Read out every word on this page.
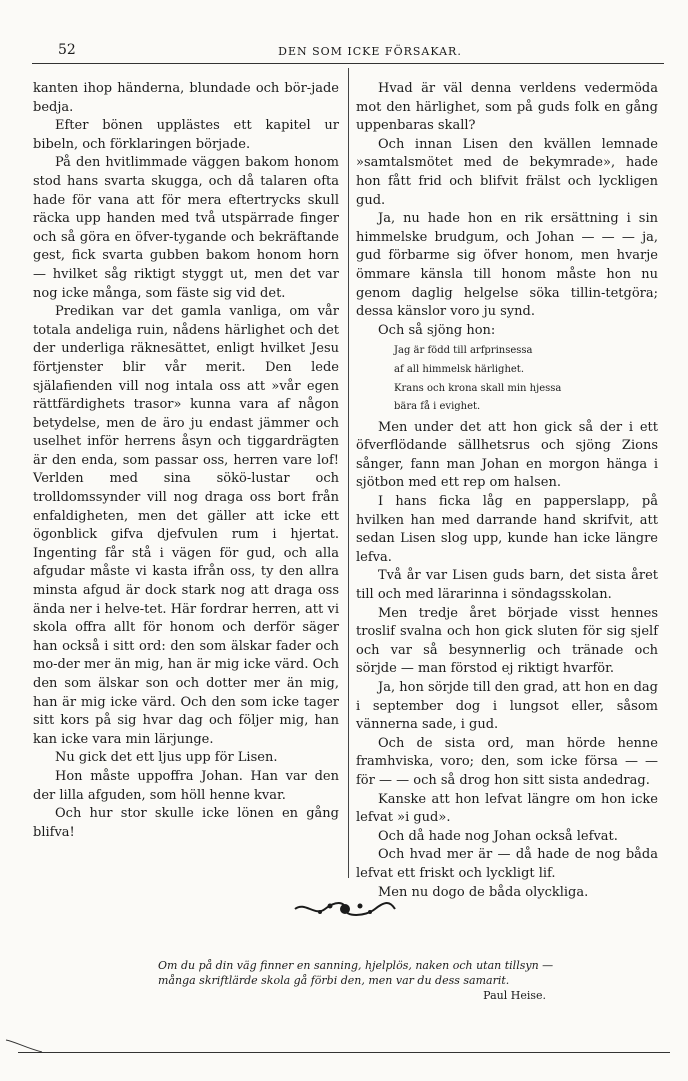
52	DEN SOM ICKE FÖRSAKAR.

kanten ihop händerna, blundade och bör-jade bedja.

Efter bönen upplästes ett kapitel ur bibeln, och förklaringen började.

På den hvitlimmade väggen bakom honom stod hans svarta skugga, och då talaren ofta hade för vana att för mera eftertrycks skull räcka upp handen med två utspärrade finger och så göra en öfver-tygande och bekräftande gest, fick svarta gubben bakom honom horn — hvilket såg riktigt styggt ut, men det var nog icke många, som fäste sig vid det.

Predikan var det gamla vanliga, om vår totala andeliga ruin, nådens härlighet och det der underliga räknesättet, enligt hvilket Jesu förtjenster blir vår merit. Den lede själafienden vill nog intala oss att »vår egen rättfärdighets trasor» kunna vara af någon betydelse, men de äro ju endast jämmer och uselhet inför herrens åsyn och tiggardrägten är den enda, som passar oss, herren vare lof! Verlden med sina sökö-lustar och trolldomssynder vill nog draga oss bort från enfaldigheten, men det gäller att icke ett ögonblick gifva djefvulen rum i hjertat. Ingenting får stå i vägen för gud, och alla afgudar måste vi kasta ifrån oss, ty den allra minsta afgud är dock stark nog att draga oss ända ner i helve-tet. Här fordrar herren, att vi skola offra allt för honom och derför säger han också i sitt ord: den som älskar fader och mo-der mer än mig, han är mig icke värd. Och den som älskar son och dotter mer än mig, han är mig icke värd. Och den som icke tager sitt kors på sig hvar dag och följer mig, han kan icke vara min lärjunge.

Nu gick det ett ljus upp för Lisen.

Hon måste uppoffra Johan. Han var den der lilla afguden, som höll henne kvar.

Och hur stor skulle icke lönen en gång blifva!

Hvad är väl denna verldens vedermöda mot den härlighet, som på guds folk en gång uppenbaras skall?

Och innan Lisen den kvällen lemnade »samtalsmötet med de bekymrade», hade hon fått frid och blifvit frälst och lyckligen gud.

Ja, nu hade hon en rik ersättning i sin himmelske brudgum, och Johan — — — ja, gud förbarme sig öfver honom, men hvarje ömmare känsla till honom måste hon nu genom daglig helgelse söka tillin-tetgöra; dessa känslor voro ju synd.

Och så sjöng hon:

Jag är född till arfprinsessa
af all himmelsk härlighet.
Krans och krona skall min hjessa
bära få i evighet.

Men under det att hon gick så der i ett öfverflödande sällhetsrus och sjöng Zions sånger, fann man Johan en morgon hänga i sjötbon med ett rep om halsen.

I hans ficka låg en papperslapp, på hvilken han med darrande hand skrifvit, att sedan Lisen slog upp, kunde han icke längre lefva.

Två år var Lisen guds barn, det sista året till och med lärarinna i söndagsskolan.

Men tredje året började visst hennes troslif svalna och hon gick sluten för sig sjelf och var så besynnerlig och tränade och sörjde — man förstod ej riktigt hvarför.

Ja, hon sörjde till den grad, att hon en dag i september dog i lungsot eller, såsom vännerna sade, i gud.

Och de sista ord, man hörde henne framhviska, voro; den, som icke försa — — för — — och så drog hon sitt sista andedrag.

Kanske att hon lefvat längre om hon icke lefvat »i gud».

Och då hade nog Johan också lefvat.

Och hvad mer är — då hade de nog båda lefvat ett friskt och lyckligt lif.

Men nu dogo de båda olyckliga.

Om du på din väg finner en sanning, hjelplös, naken och utan tillsyn — många skriftlärde skola gå förbi den, men var du dess samarit.
Paul Heise.
